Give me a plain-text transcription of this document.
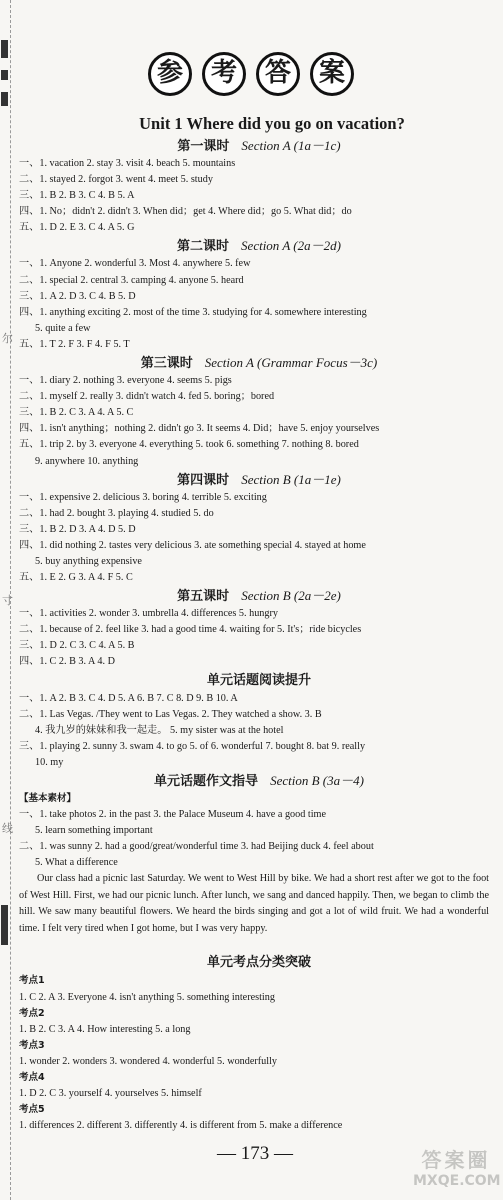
尔
寸
线
参	考	答	案
Unit 1 Where did you go on vacation?
第一课时 Section A (1a－1c)
一、1. vacation 2. stay 3. visit 4. beach 5. mountains
二、1. stayed 2. forgot 3. went 4. meet 5. study
三、1. B 2. B 3. C 4. B 5. A
四、1. No；didn't 2. didn't 3. When did；get 4. Where did；go 5. What did；do
五、1. D 2. E 3. C 4. A 5. G
第二课时 Section A (2a－2d)
一、1. Anyone 2. wonderful 3. Most 4. anywhere 5. few
二、1. special 2. central 3. camping 4. anyone 5. heard
三、1. A 2. D 3. C 4. B 5. D
四、1. anything exciting 2. most of the time 3. studying for 4. somewhere interesting
5. quite a few
五、1. T 2. F 3. F 4. F 5. T
第三课时 Section A (Grammar Focus－3c)
一、1. diary 2. nothing 3. everyone 4. seems 5. pigs
二、1. myself 2. really 3. didn't watch 4. fed 5. boring；bored
三、1. B 2. C 3. A 4. A 5. C
四、1. isn't anything；nothing 2. didn't go 3. It seems 4. Did；have 5. enjoy yourselves
五、1. trip 2. by 3. everyone 4. everything 5. took 6. something 7. nothing 8. bored
9. anywhere 10. anything
第四课时 Section B (1a－1e)
一、1. expensive 2. delicious 3. boring 4. terrible 5. exciting
二、1. had 2. bought 3. playing 4. studied 5. do
三、1. B 2. D 3. A 4. D 5. D
四、1. did nothing 2. tastes very delicious 3. ate something special 4. stayed at home
5. buy anything expensive
五、1. E 2. G 3. A 4. F 5. C
第五课时 Section B (2a－2e)
一、1. activities 2. wonder 3. umbrella 4. differences 5. hungry
二、1. because of 2. feel like 3. had a good time 4. waiting for 5. It's；ride bicycles
三、1. D 2. C 3. C 4. A 5. B
四、1. C 2. B 3. A 4. D
单元话题阅读提升
一、1. A 2. B 3. C 4. D 5. A 6. B 7. C 8. D 9. B 10. A
二、1. Las Vegas. /They went to Las Vegas. 2. They watched a show. 3. B
4. 我九岁的妹妹和我一起走。 5. my sister was at the hotel
三、1. playing 2. sunny 3. swam 4. to go 5. of 6. wonderful 7. bought 8. bat 9. really
10. my
单元话题作文指导 Section B (3a－4)
【基本素材】
一、1. take photos 2. in the past 3. the Palace Museum 4. have a good time
5. learn something important
二、1. was sunny 2. had a good/great/wonderful time 3. had Beijing duck 4. feel about
5. What a difference

Our class had a picnic last Saturday. We went to West Hill by bike. We had a short rest after we got to the foot of West Hill. First, we had our picnic lunch. After lunch, we sang and danced happily. Then, we began to climb the hill. We saw many beautiful flowers. We heard the birds singing and got a lot of wild fruit. We had a wonderful time. I felt very tired when I got home, but I was very happy.

单元考点分类突破
考点1
1. C 2. A 3. Everyone 4. isn't anything 5. something interesting
考点2
1. B 2. C 3. A 4. How interesting 5. a long
考点3
1. wonder 2. wonders 3. wondered 4. wonderful 5. wonderfully
考点4
1. D 2. C 3. yourself 4. yourselves 5. himself
考点5
1. differences 2. different 3. differently 4. is different from 5. make a difference
— 173 —	答案圈
MXQE.COM
